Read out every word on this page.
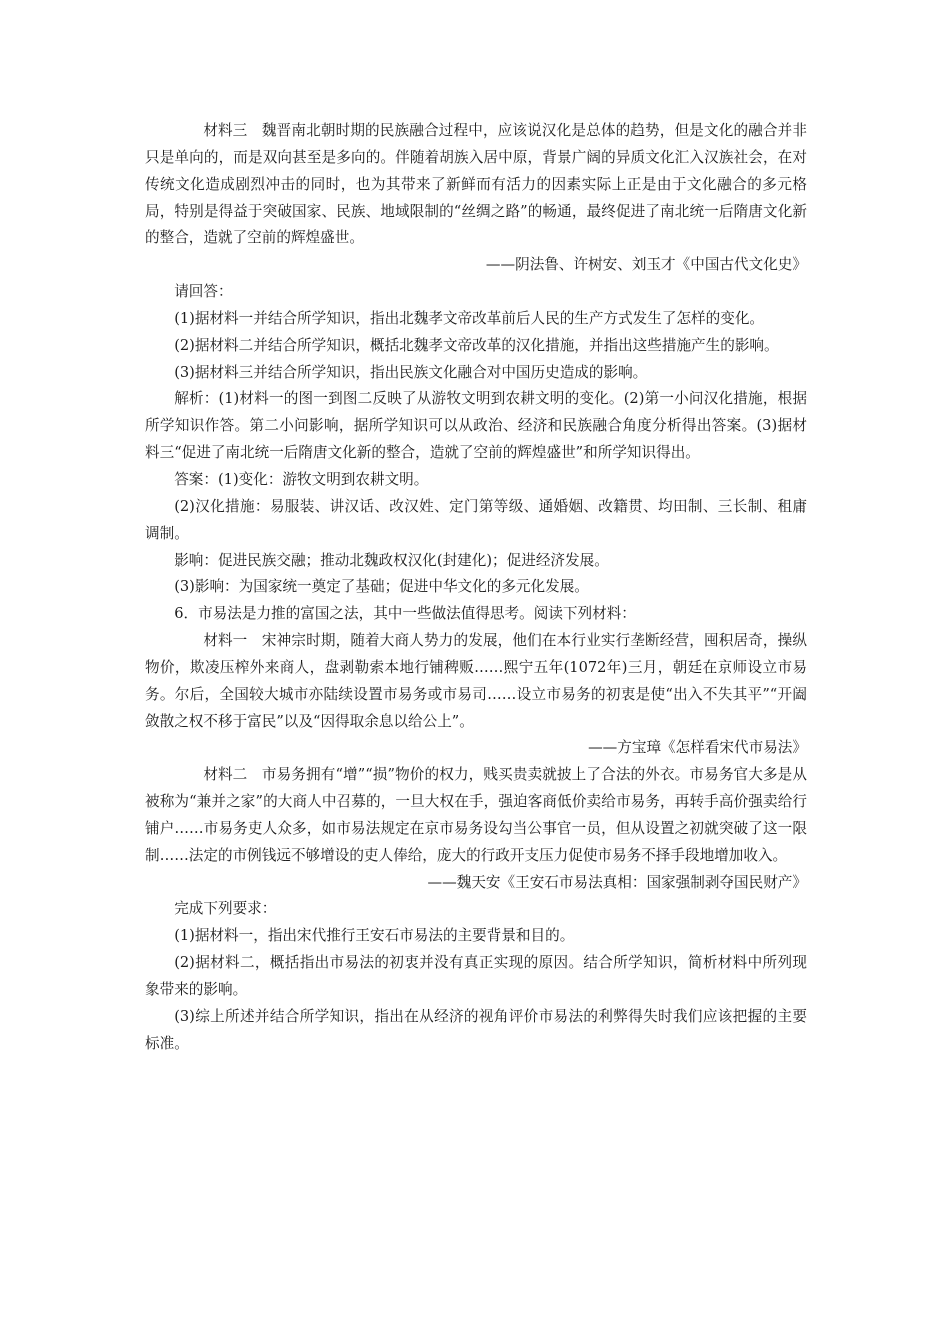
材料三 魏晋南北朝时期的民族融合过程中，应该说汉化是总体的趋势，但是文化的融合并非只是单向的，而是双向甚至是多向的。伴随着胡族入居中原，背景广阔的异质文化汇入汉族社会，在对传统文化造成剧烈冲击的同时，也为其带来了新鲜而有活力的因素实际上正是由于文化融合的多元格局，特别是得益于突破国家、民族、地域限制的“丝绸之路”的畅通，最终促进了南北统一后隋唐文化新的整合，造就了空前的辉煌盛世。

——阴法鲁、许树安、刘玉才《中国古代文化史》

请回答：

(1)据材料一并结合所学知识，指出北魏孝文帝改革前后人民的生产方式发生了怎样的变化。

(2)据材料二并结合所学知识，概括北魏孝文帝改革的汉化措施，并指出这些措施产生的影响。

(3)据材料三并结合所学知识，指出民族文化融合对中国历史造成的影响。

解析：(1)材料一的图一到图二反映了从游牧文明到农耕文明的变化。(2)第一小问汉化措施，根据所学知识作答。第二小问影响，据所学知识可以从政治、经济和民族融合角度分析得出答案。(3)据材料三“促进了南北统一后隋唐文化新的整合，造就了空前的辉煌盛世”和所学知识得出。

答案：(1)变化：游牧文明到农耕文明。

(2)汉化措施：易服装、讲汉话、改汉姓、定门第等级、通婚姻、改籍贯、均田制、三长制、租庸调制。

影响：促进民族交融；推动北魏政权汉化(封建化)；促进经济发展。

(3)影响：为国家统一奠定了基础；促进中华文化的多元化发展。

6．市易法是力推的富国之法，其中一些做法值得思考。阅读下列材料：

材料一 宋神宗时期，随着大商人势力的发展，他们在本行业实行垄断经营，囤积居奇，操纵物价，欺凌压榨外来商人，盘剥勒索本地行铺稗贩……熙宁五年(1072年)三月，朝廷在京师设立市易务。尔后，全国较大城市亦陆续设置市易务或市易司……设立市易务的初衷是使“出入不失其平”“开阖敛散之权不移于富民”以及“因得取余息以给公上”。

——方宝璋《怎样看宋代市易法》

材料二 市易务拥有“增”“损”物价的权力，贱买贵卖就披上了合法的外衣。市易务官大多是从被称为“兼并之家”的大商人中召募的，一旦大权在手，强迫客商低价卖给市易务，再转手高价强卖给行铺户……市易务吏人众多，如市易法规定在京市易务设勾当公事官一员，但从设置之初就突破了这一限制……法定的市例钱远不够增设的吏人俸给，庞大的行政开支压力促使市易务不择手段地增加收入。

——魏天安《王安石市易法真相：国家强制剥夺国民财产》

完成下列要求：

(1)据材料一，指出宋代推行王安石市易法的主要背景和目的。

(2)据材料二，概括指出市易法的初衷并没有真正实现的原因。结合所学知识，简析材料中所列现象带来的影响。

(3)综上所述并结合所学知识，指出在从经济的视角评价市易法的利弊得失时我们应该把握的主要标准。
